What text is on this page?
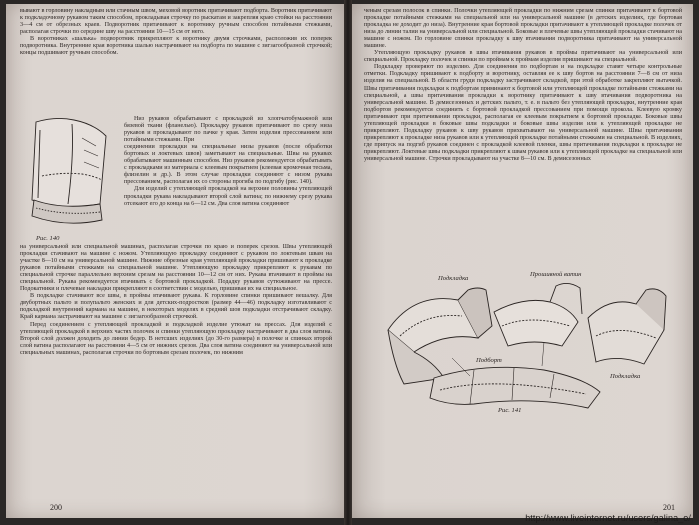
вывают в горловину накладным или стачным швом, меховой воротник притачивают подборта. Воротник притачивают к подкладочному рукавом таким способом, прокладывая строчку по рыскатам и закрепляя краю стойки на расстоянии 3—4 см от обрезных краев. Подворотник притачивают к воротнику ручным способом потайными стежками, располагая строчки по середине шву на расстоянии 10—15 см от него.

В воротниках «шалька» подворотник прикрепляют к воротнику двумя строчками, расположив их поперек подворотника. Внутренние края воротника шалью настрачивают на подборта по машине с зигзагообразной строчкой; концы подшивают ручным способом.

Рис. 140

Низ рукавов обрабатывают с прокладкой из хлопчатобумажной или бязевой ткани (фланелью). Прокладку рукавов притачивают по срезу низа рукавов и прокладывают по пачке у края. Затем изделия прессованием или потайными стежками. При

соединении прокладки на специальные низы рукавов (после обработки бортовых и локтевых швов) заметывают на специальные. Швы на рукавах обрабатывают машинным способом. Низ рукавов рекомендуется обрабатывать с прокладками из материала с клеевым покрытием (клеевая кромочная тесьма, флизелин и др.). В этом случае прокладки соединяют с низом рукава прессованием, располагая их со стороны прогиба по подгибу (рис. 140).

Для изделий с утепляющей прокладкой на верхние половины утепляющей прокладки рукава накладывают второй слой ватина; по нижнему срезу рукава отсекают его до конца на 6—12 см. Два слоя ватина соединяют

на универсальной или специальной машинах, располагая строчки по краю и поперек срезов. Швы утепляющей прокладки стачивают на машине с ножом. Утепляющую прокладку соединяют с рукавом по локтевым швам на участке 8—10 см на универсальной машине. Нижние обрезные края утепляющей прокладки пришивают к прокладке рукавов потайными стежками на специальной машине. Утепляющую прокладку прикрепляют к рукавам по специальной строчке параллельно верхним срезам на расстоянии 10—12 см от них. Рукава втачивают в проймы на специальной. Рукава рекомендуется втачивать с бортовой прокладкой. Подадку рукавов сутюживают на прессе. Подокатники и плечевые накладки прикрепляют в соответствии с моделью, пришивая их на специальное.

В подкладке стачивают все швы, в проймы втачивают рукава. К горловине спинки пришивают вешалку. Для двубортных пальто и полупальто женских и для детских-подростков (размер 44—46) подкладку изготавливают с подкладкой внутренний кармана на машине, в некоторых моделях в средний шов подкладки отстрачивают складку. Край кармана застрачивают на машине с зигзагообразной строчкой.

Перед соединением с утепляющей прокладкой и подкладкой изделие утюжат на прессах. Для изделий с утепляющей прокладкой в верхних частях полочек и спинки утепляющую прокладку настрачивают в два слоя ватина. Второй слой должен доходить до линии бедер. В нетсших изделиях (до 30-го размера) в полочке и спинках второй слой ватина располагают на расстоянии 4—5 см от нижних срезов. Два слоя ватина соединяют на универсальной или специальных машинах, располагая строчки по бортовым срезам полочек, по нижним

200

ченым срезам полосок в спинки. Полочки утепляющей прокладки по нижним срезам спинки притачивают к бортовой прокладке потайными стежками на специальной или на универсальной машине (в детских изделиях, где бортовая прокладка не доходит до низа). Внутренние края бортовой прокладки притачивают к утепляющей прокладке полочек от низа до линии талии на универсальной или специальной. Боковые и плечевые швы утепляющей прокладки стачивают на машине с ножом. По горловине спинки прокладку к шву втачивания подворотника притачивают на универсальной машине.

Утепляющую прокладку рукавов в швы втачивания рукавов в проймы притачивают на универсальной или специальной. Прокладку полочек и спинки по проймам к проймам изделия пришивают на специальной.

Подкладку проверяют по изделию. Для соединения по подбортам и на подкладке ставят четыре контрольные отметки. Подкладку пришивают к подборту и воротнику, оставляя ее к шву бортов на расстоянии 7—8 см от низа изделия на специальной. В области груди подкладку застрачивают складкой, при этой обработке закрепляют вытачкой. Швы притачивания подкладки к подбортам приминают к бортовой или утепляющей прокладке потайными стежками на специальной, а швы притачивания прокладки к воротнику притачивают к шву втачивания подворотника на универсальной машине. В демисезонных и детских пальто, т. е. в пальто без утепляющей прокладки, внутренние края подбортов рекомендуется соединить с бортовой прокладкой прессованием при помощи прокола. Клеевую кромку притачивают при притачивании прокладки, располагая ее клеевым покрытием к бортовой прокладке. Боковые швы утепляющей прокладки в боковые швы подкладки и боковые швы изделия или к утепляющей прокладке не прикрепляют. Подкладку рукавов к шву рукавов прихватывают на универсальной машине. Швы притачивания прикрепляют к прокладке низа рукавов или к утепляющей прокладке потайными стежками на специальной. В изделиях, где припуск на подгиб рукавов соединен с прокладкой клеевой пленки, швы притачивания подкладки к прокладке не прикрепляют. Локтевые швы подкладки прикрепляют к швам рукавов или к утепляющей прокладке на специальной или универсальной машине. Строчки прокладывают на участке 8—10 см. В демисезонных

Подкладка
Прошивной ватин
Подборт
Подкладка
Рис. 141
201
http://www.liveinternet.ru/users/galina_o/
